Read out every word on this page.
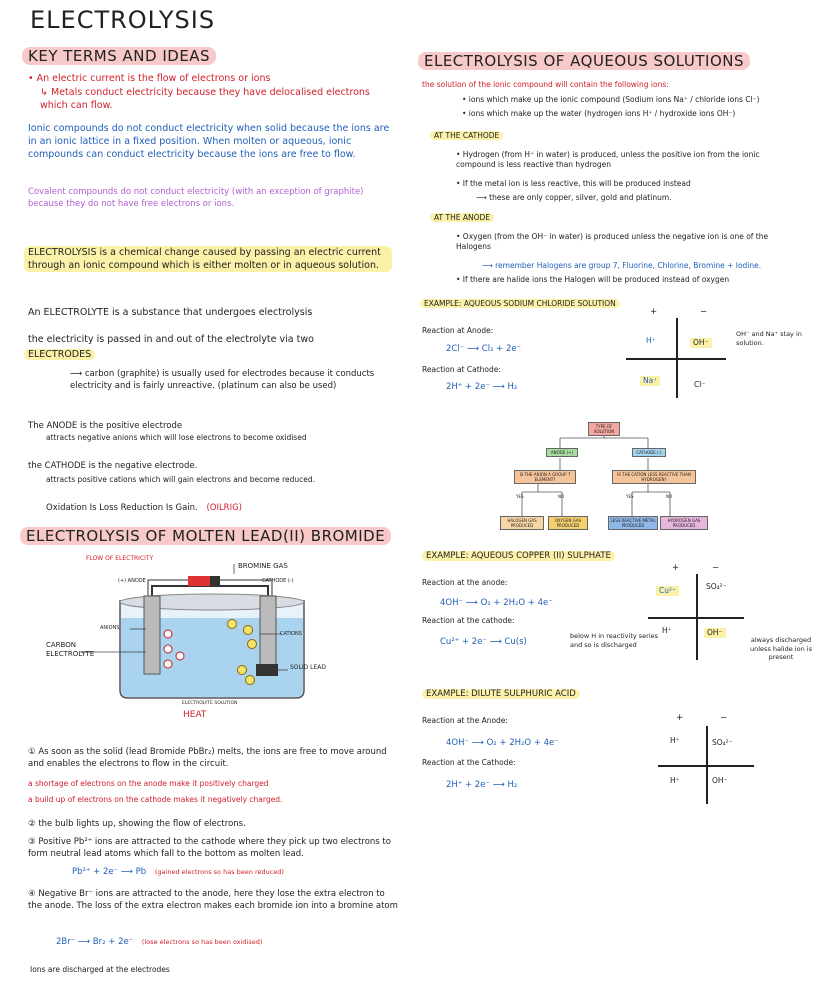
ELECTROLYSIS
KEY TERMS AND IDEAS
• An electric current is the flow of electrons or ions
↳ Metals conduct electricity because they have delocalised electrons which can flow.
Ionic compounds do not conduct electricity when solid because the ions are in an ionic lattice in a fixed position. When molten or aqueous, ionic compounds can conduct electricity because the ions are free to flow.
Covalent compounds do not conduct electricity (with an exception of graphite) because they do not have free electrons or ions.
ELECTROLYSIS is a chemical change caused by passing an electric current through an ionic compound which is either molten or in aqueous solution.
An ELECTROLYTE is a substance that undergoes electrolysis
the electricity is passed in and out of the electrolyte via two
ELECTRODES
⟶ carbon (graphite) is usually used for electrodes because it conducts electricity and is fairly unreactive. (platinum can also be used)
The ANODE is the positive electrode
attracts negative anions which will lose electrons to become oxidised
the CATHODE is the negative electrode.
attracts positive cations which will gain electrons and become reduced.
Oxidation Is Loss Reduction Is Gain. (OILRIG)
ELECTROLYSIS OF MOLTEN LEAD(II) BROMIDE
FLOW OF ELECTRICITY
(+) ANODE
BROMINE GAS
CATHODE (-)
ANIONS
CATIONS
CARBON ELECTROLYTE
SOLID LEAD
ELECTROLYTE SOLUTION
HEAT
① As soon as the solid (lead Bromide PbBr₂) melts, the ions are free to move around and enables the electrons to flow in the circuit.
a shortage of electrons on the anode make it positively charged
a build up of electrons on the cathode makes it negatively charged.
② the bulb lights up, showing the flow of electrons.
③ Positive Pb²⁺ ions are attracted to the cathode where they pick up two electrons to form neutral lead atoms which fall to the bottom as molten lead.
Pb²⁺ + 2e⁻ ⟶ Pb (gained electrons so has been reduced)
④ Negative Br⁻ ions are attracted to the anode, here they lose the extra electron to the anode. The loss of the extra electron makes each bromide ion into a bromine atom
2Br⁻ ⟶ Br₂ + 2e⁻ (lose electrons so has been oxidised)
Ions are discharged at the electrodes
ELECTROLYSIS OF AQUEOUS SOLUTIONS
the solution of the ionic compound will contain the following ions:
• ions which make up the ionic compound (Sodium ions Na⁺ / chloride ions Cl⁻)
• ions which make up the water (hydrogen ions H⁺ / hydroxide ions OH⁻)
AT THE CATHODE
• Hydrogen (from H⁺ in water) is produced, unless the positive ion from the ionic compound is less reactive than hydrogen
• If the metal ion is less reactive, this will be produced instead
⟶ these are only copper, silver, gold and platinum.
AT THE ANODE
• Oxygen (from the OH⁻ in water) is produced unless the negative ion is one of the Halogens
⟶ remember Halogens are group 7, Fluorine, Chlorine, Bromine + Iodine.
• If there are halide ions the Halogen will be produced instead of oxygen
EXAMPLE: AQUEOUS SODIUM CHLORIDE SOLUTION
Reaction at Anode:
2Cl⁻ ⟶ Cl₂ + 2e⁻
Reaction at Cathode:
2H⁺ + 2e⁻ ⟶ H₂
+	−
H⁺	OH⁻
Na⁺	Cl⁻
OH⁻ and Na⁺ stay in solution.
TYPE OF SOLUTION
ANODE (+)	CATHODE (-)
IS THE ANION A GROUP 7 ELEMENT?
IS THE CATION LESS REACTIVE THAN HYDROGEN?
YES	NO	YES	NO
HALOGEN GAS PRODUCED
OXYGEN GAS PRODUCED
LESS REACTIVE METAL PRODUCED
HYDROGEN GAS PRODUCED
EXAMPLE: AQUEOUS COPPER (II) SULPHATE
Reaction at the anode:
4OH⁻ ⟶ O₂ + 2H₂O + 4e⁻
Reaction at the cathode:
Cu²⁺ + 2e⁻ ⟶ Cu(s)
+	−
Cu²⁺	SO₄²⁻
H⁺	OH⁻
below H in reactivity series and so is discharged
always discharged unless halide ion is present
EXAMPLE: DILUTE SULPHURIC ACID
Reaction at the Anode:
4OH⁻ ⟶ O₂ + 2H₂O + 4e⁻
Reaction at the Cathode:
2H⁺ + 2e⁻ ⟶ H₂
+	−
H⁺	SO₄²⁻
H⁺	OH⁻
